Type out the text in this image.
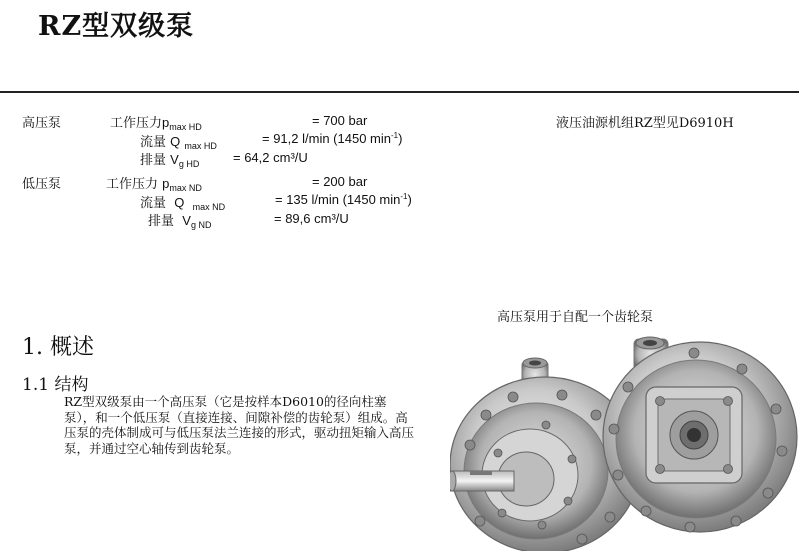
RZ型双级泵
高压泵	工作压力$p_{max HD}$	= 700 bar
流量 Q $_{max HD}$	= 91,2 l/min (1450 $\min^{-1}$)
排量 $V_{g HD}$	= 64,2 cm³/U
液压油源机组RZ型见D6910H
低压泵	工作压力 $p_{max ND}$	= 200 bar
流量 Q $_{max ND}$	= 135 l/min (1450 $\min^{-1}$)
排量 $V_{g ND}$	= 89,6 cm³/U
1. 概述
1.1 结构
RZ型双级泵由一个高压泵（它是按样本D6010的径向柱塞泵），和一个低压泵（直接连接、间隙补偿的齿轮泵）组成。高压泵的壳体制成可与低压泵法兰连接的形式，驱动扭矩输入高压泵，并通过空心轴传到齿轮泵。
高压泵用于自配一个齿轮泵
